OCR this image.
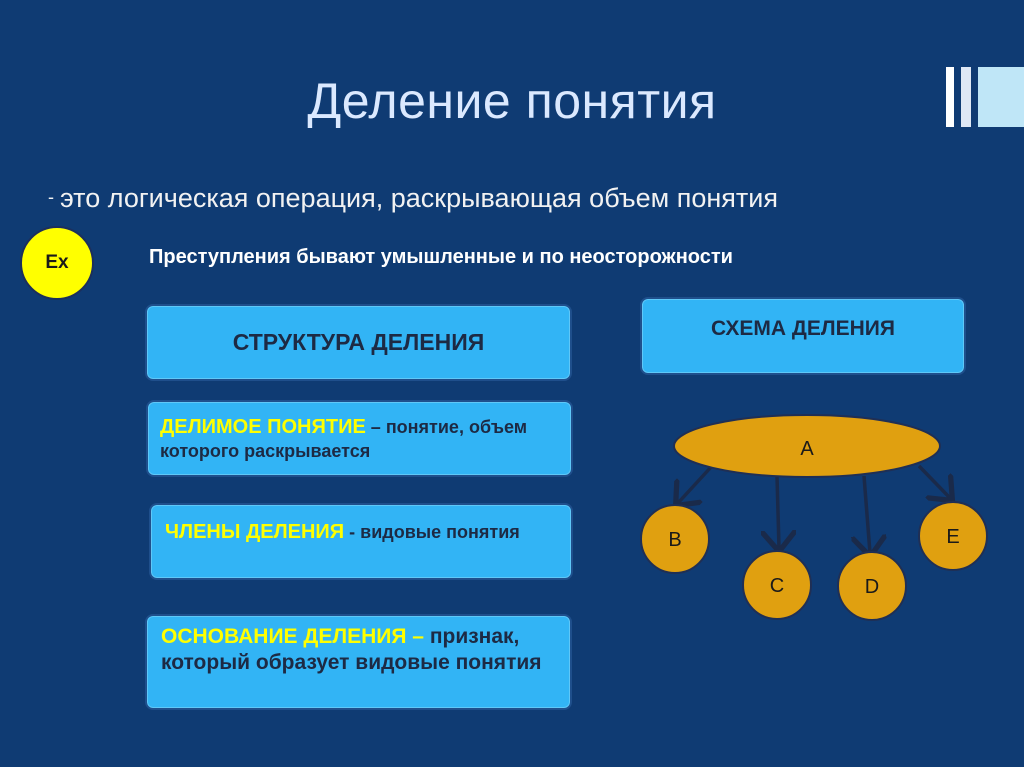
Деление понятия
- это логическая операция, раскрывающая объем понятия
Ex	Преступления бывают умышленные и по неосторожности
СТРУКТУРА ДЕЛЕНИЯ
ДЕЛИМОЕ ПОНЯТИЕ – понятие, объем которого раскрывается
ЧЛЕНЫ ДЕЛЕНИЯ - видовые понятия
ОСНОВАНИЕ ДЕЛЕНИЯ – признак, который образует видовые понятия
СХЕМА ДЕЛЕНИЯ
A
B
C	D
E
